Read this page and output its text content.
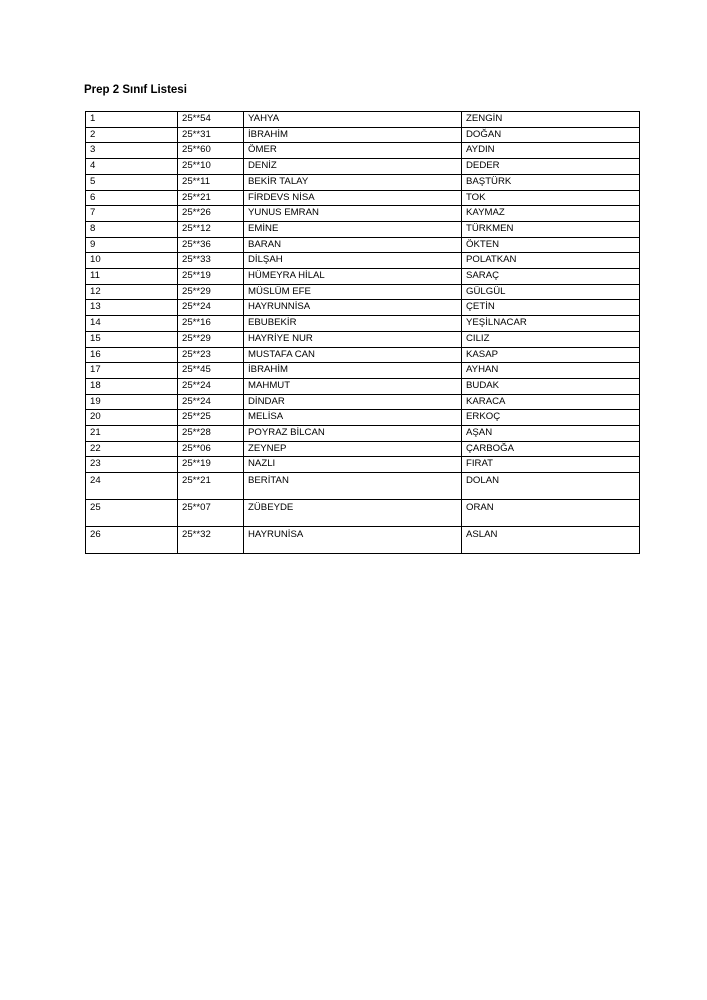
Prep 2 Sınıf Listesi
1	25**54	YAHYA	ZENGİN
2	25**31	İBRAHİM	DOĞAN
3	25**60	ÖMER	AYDIN
4	25**10	DENİZ	DEDER
5	25**11	BEKİR TALAY	BAŞTÜRK
6	25**21	FİRDEVS NİSA	TOK
7	25**26	YUNUS EMRAN	KAYMAZ
8	25**12	EMİNE	TÜRKMEN
9	25**36	BARAN	ÖKTEN
10	25**33	DİLŞAH	POLATKAN
11	25**19	HÜMEYRA HİLAL	SARAÇ
12	25**29	MÜSLÜM EFE	GÜLGÜL
13	25**24	HAYRUNNİSA	ÇETİN
14	25**16	EBUBEKİR	YEŞİLNACAR
15	25**29	HAYRİYE NUR	CILIZ
16	25**23	MUSTAFA CAN	KASAP
17	25**45	İBRAHİM	AYHAN
18	25**24	MAHMUT	BUDAK
19	25**24	DİNDAR	KARACA
20	25**25	MELİSA	ERKOÇ
21	25**28	POYRAZ BİLCAN	AŞAN
22	25**06	ZEYNEP	ÇARBOĞA
23	25**19	NAZLI	FIRAT
24	25**21	BERİTAN	DOLAN
25	25**07	ZÜBEYDE	ORAN
26	25**32	HAYRUNİSA	ASLAN
